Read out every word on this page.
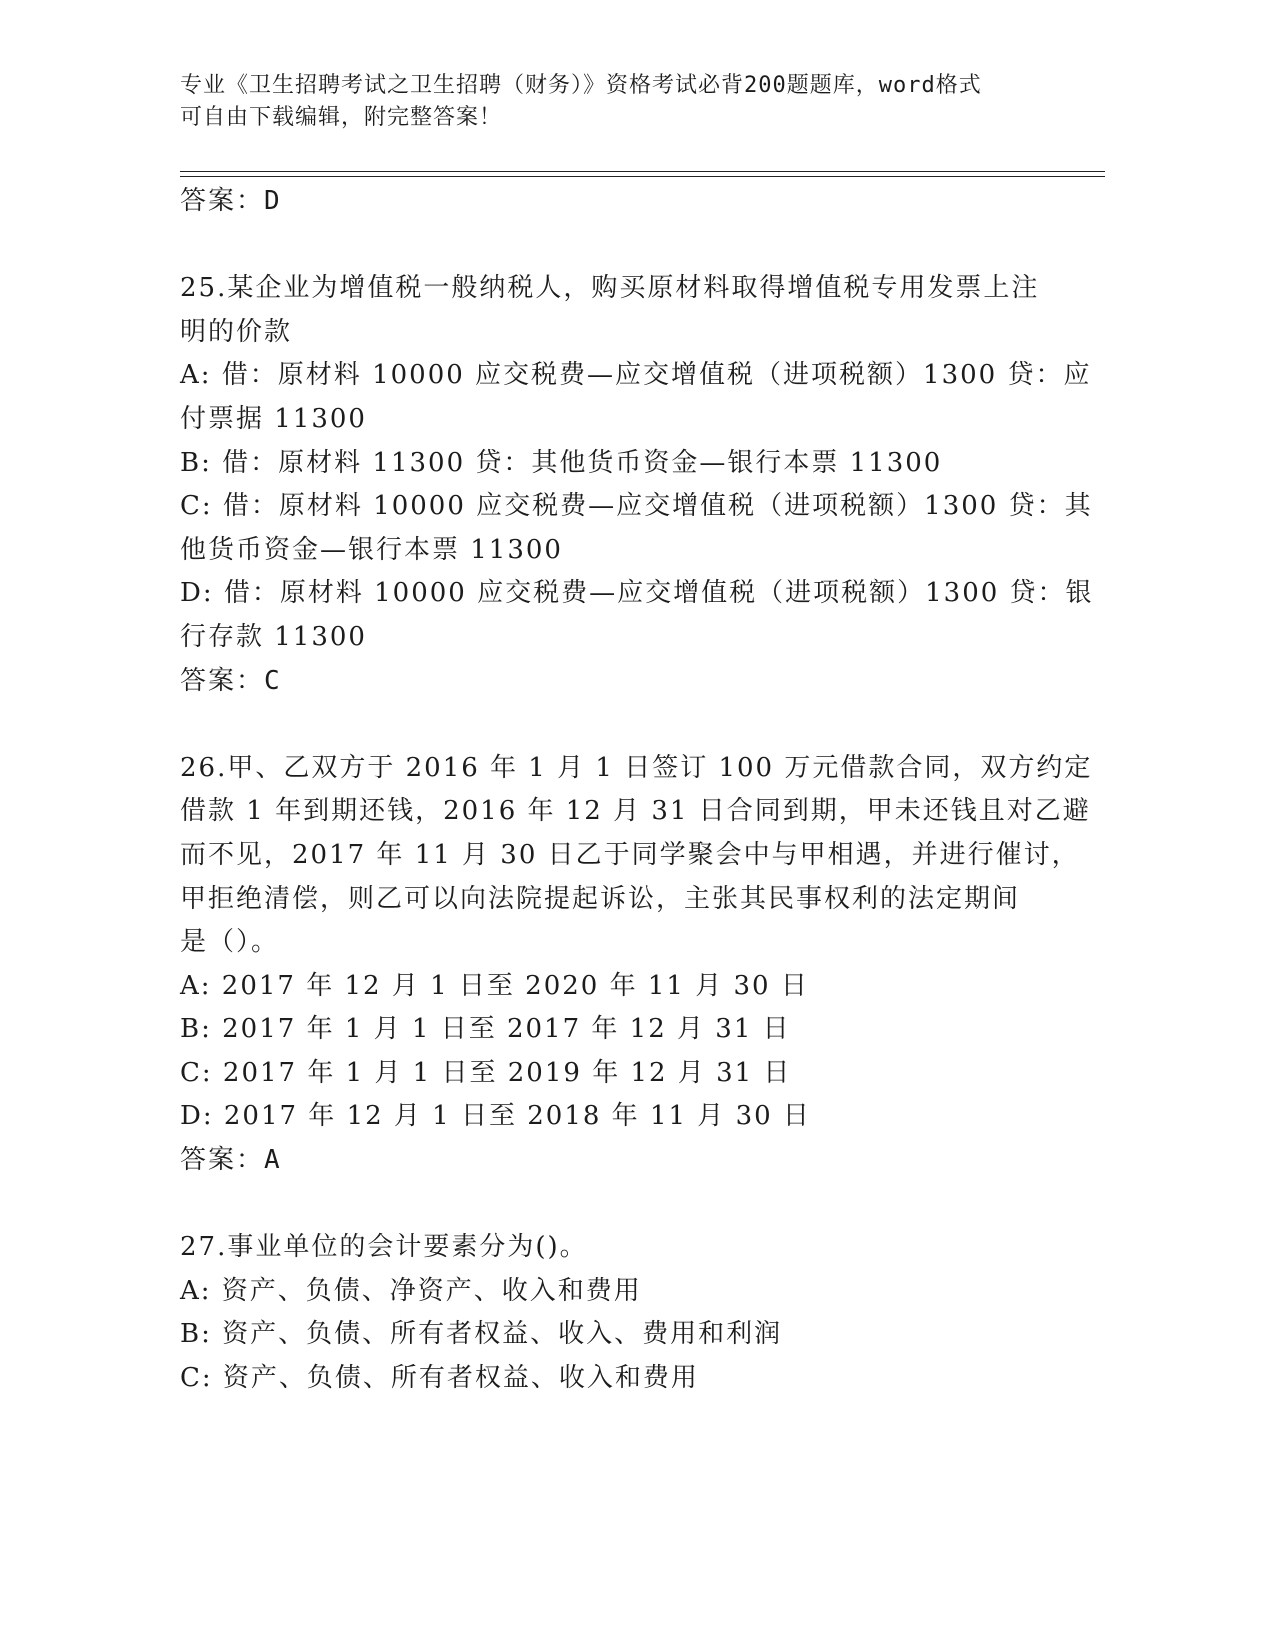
专业《卫生招聘考试之卫生招聘（财务）》资格考试必背200题题库，word格式
可自由下载编辑，附完整答案！
答案：D
25.某企业为增值税一般纳税人，购买原材料取得增值税专用发票上注
明的价款
A: 借：原材料 10000 应交税费—应交增值税（进项税额）1300 贷：应
付票据 11300
B: 借：原材料 11300 贷：其他货币资金—银行本票 11300
C: 借：原材料 10000 应交税费—应交增值税（进项税额）1300 贷：其
他货币资金—银行本票 11300
D: 借：原材料 10000 应交税费—应交增值税（进项税额）1300 贷：银
行存款 11300
答案：C
26.甲、乙双方于 2016 年 1 月 1 日签订 100 万元借款合同，双方约定
借款 1 年到期还钱，2016 年 12 月 31 日合同到期，甲未还钱且对乙避
而不见，2017 年 11 月 30 日乙于同学聚会中与甲相遇，并进行催讨，
甲拒绝清偿，则乙可以向法院提起诉讼，主张其民事权利的法定期间
是（）。
A: 2017 年 12 月 1 日至 2020 年 11 月 30 日
B: 2017 年 1 月 1 日至 2017 年 12 月 31 日
C: 2017 年 1 月 1 日至 2019 年 12 月 31 日
D: 2017 年 12 月 1 日至 2018 年 11 月 30 日
答案：A
27.事业单位的会计要素分为()。
A: 资产、负债、净资产、收入和费用
B: 资产、负债、所有者权益、收入、费用和利润
C: 资产、负债、所有者权益、收入和费用
